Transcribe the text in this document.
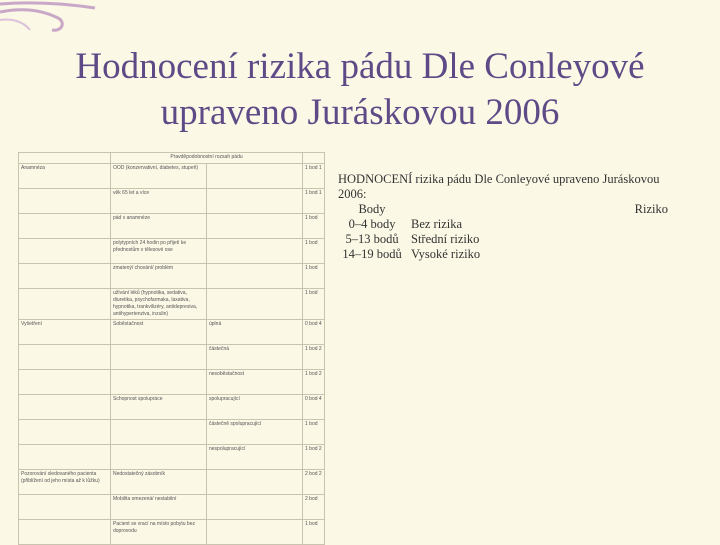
Hodnocení rizika pádu Dle Conleyové
upraveno Juráskovou 2006
	Pravděpodobnostní rozsah pádu		
Anamnéza	OOD (konzervativní, diabetes, stupeň)		1 bod 1
	věk 65 let a více		1 bod 1
	pád v anamnéze		1 bod
	polytypních 24 hodin po přijetí ke přednostům v tělesové ose		1 bod
	zmatený/ chování/ problém		1 bod
	užívání léků (hypnotika, sedativa, diuretika, psychofarmaka, laxativa, hypnotika, trankvilizéry, antidepresiva, antihypertenziva, inzulin)		1 bod
Vyšetření	Soběstačnost	úplná	0 bod 4
		částečná	1 bod 2
		nesoběstačnost	1 bod 2
	Schopnost spolupráce	spolupracující	0 bod 4
		částečně spolupracující	1 bod
		nespolupracující	1 bod 2
Pozorování sledovaného pacienta (přiblížení od jeho místa až k lůžku)	Nedostatečný zásobník		2 bod 2
	Mobilita omezená/ nestabilní		2 bod
	Pacient se vrací na místo pobytu bez doprovodu		1 bod
HODNOCENÍ rizika pádu Dle Conleyové upraveno Juráskovou
2006:
Body	Riziko
0–4 body	Bez rizika
5–13 bodů Střední riziko
14–19 bodů Vysoké riziko
